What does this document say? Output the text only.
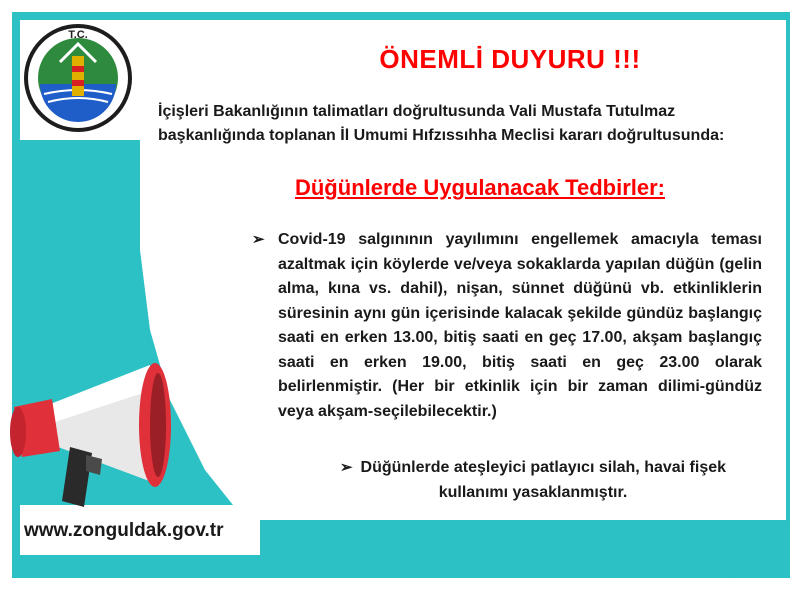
T.C.
ÖNEMLİ DUYURU !!!
İçişleri Bakanlığının talimatları doğrultusunda Vali Mustafa Tutulmaz başkanlığında toplanan İl Umumi Hıfzıssıhha Meclisi kararı doğrultusunda:
Düğünlerde Uygulanacak Tedbirler:
➢ Covid-19 salgınının yayılımını engellemek amacıyla teması azaltmak için köylerde ve/veya sokaklarda yapılan düğün (gelin alma, kına vs. dahil), nişan, sünnet düğünü vb. etkinliklerin süresinin aynı gün içerisinde kalacak şekilde gündüz başlangıç saati en erken 13.00, bitiş saati en geç 17.00, akşam başlangıç saati en erken 19.00, bitiş saati en geç 23.00 olarak belirlenmiştir. (Her bir etkinlik için bir zaman dilimi-gündüz veya akşam-seçilebilecektir.)
➢ Düğünlerde ateşleyici patlayıcı silah, havai fişek kullanımı yasaklanmıştır.
www.zonguldak.gov.tr
